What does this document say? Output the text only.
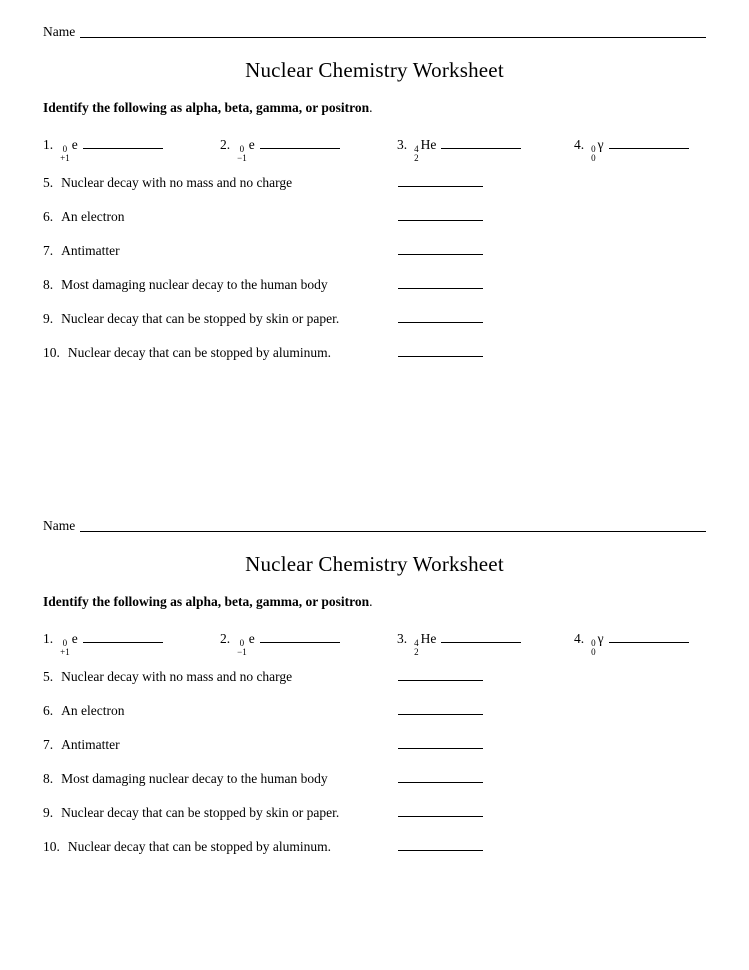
Name
Nuclear Chemistry Worksheet
Identify the following as alpha, beta, gamma, or positron.
1. 0
+1
e	2. 0
−1
e	3. 4
2
He	4. 0
0
γ
5. Nuclear decay with no mass and no charge
6. An electron
7. Antimatter
8. Most damaging nuclear decay to the human body
9. Nuclear decay that can be stopped by skin or paper.
10. Nuclear decay that can be stopped by aluminum.
Name
Nuclear Chemistry Worksheet
Identify the following as alpha, beta, gamma, or positron.
1. 0
+1
e	2. 0
−1
e	3. 4
2
He	4. 0
0
γ
5. Nuclear decay with no mass and no charge
6. An electron
7. Antimatter
8. Most damaging nuclear decay to the human body
9. Nuclear decay that can be stopped by skin or paper.
10. Nuclear decay that can be stopped by aluminum.
